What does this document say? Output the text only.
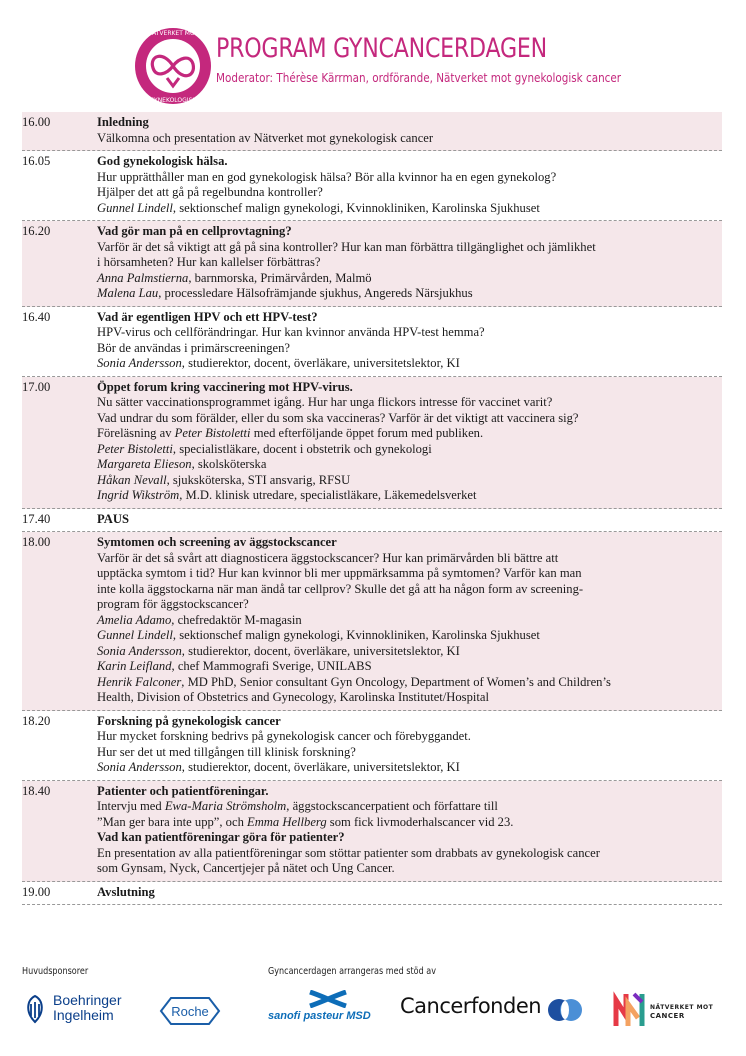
NÄTVERKET MOT
GYNEKOLOGISK
PROGRAM GYNCANCERDAGEN
Moderator: Thérèse Kärrman, ordförande, Nätverket mot gynekologisk cancer
16.00	Inledning

Välkomna och presentation av Nätverket mot gynekologisk cancer

16.05	God gynekologisk hälsa.

Hur upprätthåller man en god gynekologisk hälsa? Bör alla kvinnor ha en egen gynekolog?

Hjälper det att gå på regelbundna kontroller?

Gunnel Lindell, sektionschef malign gynekologi, Kvinnokliniken, Karolinska Sjukhuset

16.20	Vad gör man på en cellprovtagning?

Varför är det så viktigt att gå på sina kontroller? Hur kan man förbättra tillgänglighet och jämlikhet

i hörsamheten? Hur kan kallelser förbättras?

Anna Palmstierna, barnmorska, Primärvården, Malmö

Malena Lau, processledare Hälsofrämjande sjukhus, Angereds Närsjukhus

16.40	Vad är egentligen HPV och ett HPV-test?

HPV-virus och cellförändringar. Hur kan kvinnor använda HPV-test hemma?

Bör de användas i primärscreeningen?

Sonia Andersson, studierektor, docent, överläkare, universitetslektor, KI

17.00	Öppet forum kring vaccinering mot HPV-virus.

Nu sätter vaccinationsprogrammet igång. Hur har unga flickors intresse för vaccinet varit?

Vad undrar du som förälder, eller du som ska vaccineras? Varför är det viktigt att vaccinera sig?

Föreläsning av Peter Bistoletti med efterföljande öppet forum med publiken.

Peter Bistoletti, specialistläkare, docent i obstetrik och gynekologi

Margareta Elieson, skolsköterska

Håkan Nevall, sjuksköterska, STI ansvarig, RFSU

Ingrid Wikström, M.D. klinisk utredare, specialistläkare, Läkemedelsverket

17.40	PAUS

18.00	Symtomen och screening av äggstockscancer

Varför är det så svårt att diagnosticera äggstockscancer? Hur kan primärvården bli bättre att

upptäcka symtom i tid? Hur kan kvinnor bli mer uppmärksamma på symtomen? Varför kan man

inte kolla äggstockarna när man ändå tar cellprov? Skulle det gå att ha någon form av screening-

program för äggstockscancer?

Amelia Adamo, chefredaktör M-magasin

Gunnel Lindell, sektionschef malign gynekologi, Kvinnokliniken, Karolinska Sjukhuset

Sonia Andersson, studierektor, docent, överläkare, universitetslektor, KI

Karin Leifland, chef Mammografi Sverige, UNILABS

Henrik Falconer, MD PhD, Senior consultant Gyn Oncology, Department of Women’s and Children’s

Health, Division of Obstetrics and Gynecology, Karolinska Institutet/Hospital

18.20	Forskning på gynekologisk cancer

Hur mycket forskning bedrivs på gynekologisk cancer och förebyggandet.

Hur ser det ut med tillgången till klinisk forskning?

Sonia Andersson, studierektor, docent, överläkare, universitetslektor, KI

18.40	Patienter och patientföreningar.

Intervju med Ewa-Maria Strömsholm, äggstockscancerpatient och författare till

”Man ger bara inte upp”, och Emma Hellberg som fick livmoderhalscancer vid 23.

Vad kan patientföreningar göra för patienter?

En presentation av alla patientföreningar som stöttar patienter som drabbats av gynekologisk cancer

som Gynsam, Nyck, Cancertjejer på nätet och Ung Cancer.

19.00	Avslutning

Huvudsponsorer	Gyncancerdagen arrangeras med stöd av
Boehringer
Ingelheim	Roche	sanofi pasteur MSD Cancerfonden	NÄTVERKET MOT
CANCER
